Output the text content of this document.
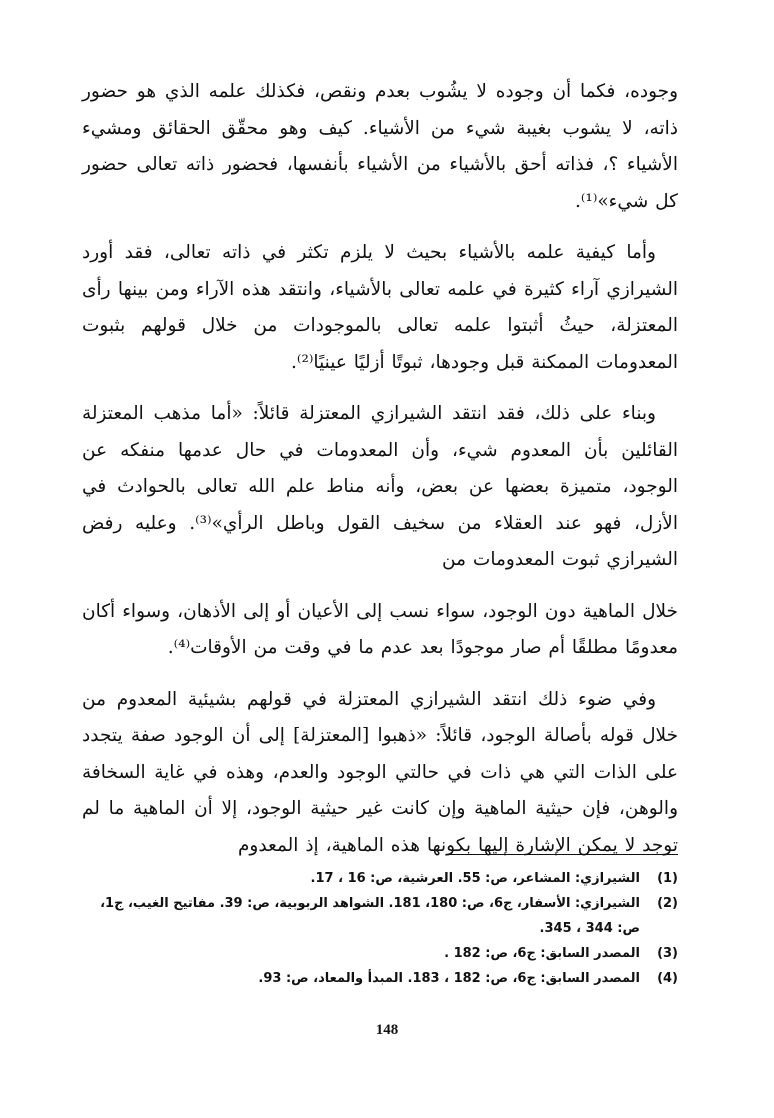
وجوده، فكما أن وجوده لا يشُوب بعدم ونقص، فكذلك علمه الذي هو حضور ذاته، لا يشوب بغيبة شيء من الأشياء. كيف وهو محقّق الحقائق ومشيء الأشياء ؟، فذاته أحق بالأشياء من الأشياء بأنفسها، فحضور ذاته تعالى حضور كل شيء»⁽¹⁾.

وأما كيفية علمه بالأشياء بحيث لا يلزم تكثر في ذاته تعالى، فقد أورد الشيرازي آراء كثيرة في علمه تعالى بالأشياء، وانتقد هذه الآراء ومن بينها رأى المعتزلة، حيثُ أثبتوا علمه تعالى بالموجودات من خلال قولهم بثبوت المعدومات الممكنة قبل وجودها، ثبوتًا أزليًا عينيًا⁽²⁾.

وبناء على ذلك، فقد انتقد الشيرازي المعتزلة قائلاً: «أما مذهب المعتزلة القائلين بأن المعدوم شيء، وأن المعدومات في حال عدمها منفكه عن الوجود، متميزة بعضها عن بعض، وأنه مناط علم الله تعالى بالحوادث في الأزل، فهو عند العقلاء من سخيف القول وباطل الرأي»⁽³⁾. وعليه رفض الشيرازي ثبوت المعدومات من

خلال الماهية دون الوجود، سواء نسب إلى الأعيان أو إلى الأذهان، وسواء أكان معدومًا مطلقًا أم صار موجودًا بعد عدم ما في وقت من الأوقات⁽⁴⁾.

وفي ضوء ذلك انتقد الشيرازي المعتزلة في قولهم بشيئية المعدوم من خلال قوله بأصالة الوجود، قائلاً: «ذهبوا [المعتزلة] إلى أن الوجود صفة يتجدد على الذات التي هي ذات في حالتي الوجود والعدم، وهذه في غاية السخافة والوهن، فإن حيثية الماهية وإن كانت غير حيثية الوجود، إلا أن الماهية ما لم توجد لا يمكن الإشارة إليها بكونها هذه الماهية، إذ المعدوم

(1)
الشيرازي: المشاعر، ص: 55. العرشية، ص: 16 ، 17.
(2)
الشيرازي: الأسفار، ج6، ص: 180، 181. الشواهد الربوبية، ص: 39. مفاتيح الغيب، ج1، ص: 344 ، 345.
(3)
المصدر السابق: ج6، ص: 182 .
(4)
المصدر السابق: ج6، ص: 182 ، 183. المبدأ والمعاد، ص: 93.
148
